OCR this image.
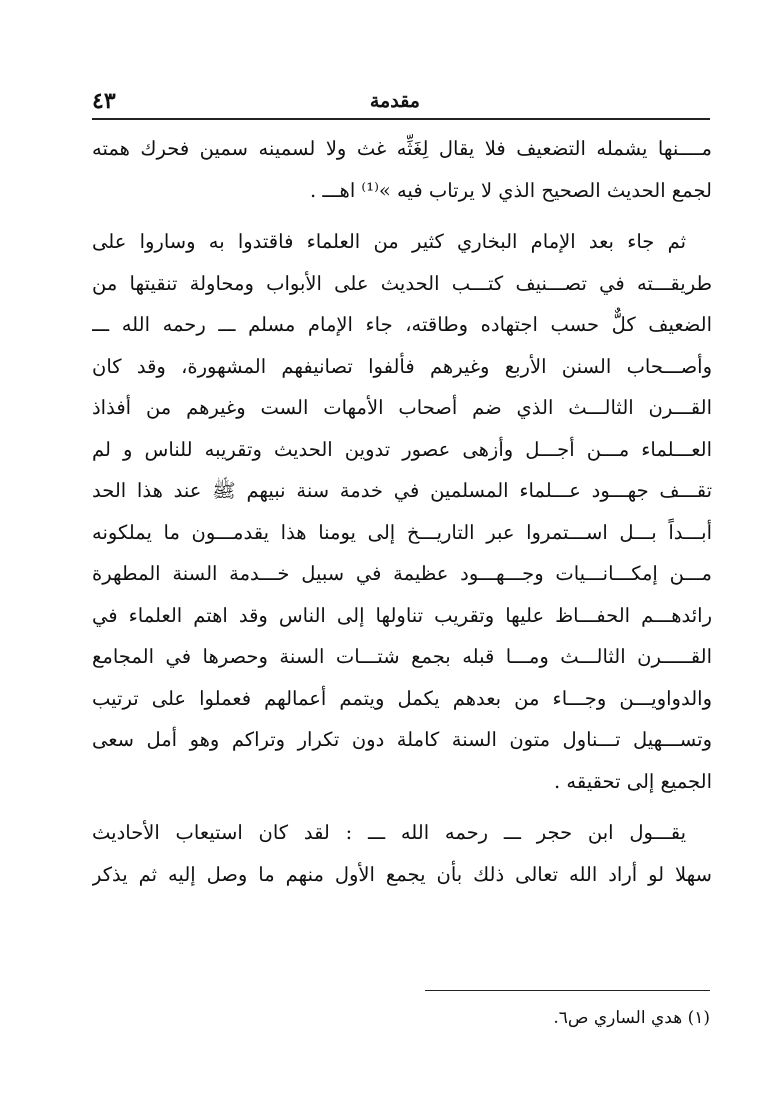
مقدمة
٤٣
مــــنها يشمله التضعيف فلا يقال لِغَثِّه غث ولا لسمينه سمين فحرك همته
لجمع الحديث الصحيح الذي لا يرتاب فيه »⁽¹⁾ اهـــ .
ثم جاء بعد الإمام البخاري كثير من العلماء فاقتدوا به وساروا على
طريقـــته في تصـــنيف كتـــب الحديث على الأبواب ومحاولة تنقيتها من
الضعيف كلٌّ حسب اجتهاده وطاقته، جاء الإمام مسلم ـــ رحمه الله ـــ
وأصـــحاب السنن الأربع وغيرهم فألفوا تصانيفهم المشهورة، وقد كان
القـــرن الثالـــث الذي ضم أصحاب الأمهات الست وغيرهم من أفذاذ
العـــلماء مـــن أجـــل وأزهى عصور تدوين الحديث وتقريبه للناس و لم
تقـــف جهـــود عـــلماء المسلمين في خدمة سنة نبيهم ﷺ عند هذا الحد
أبـــداً بـــل اســـتمروا عبر التاريـــخ إلى يومنا هذا يقدمـــون ما يملكونه
مـــن إمكـــانـــيات وجـــهـــود عظيمة في سبيل خـــدمة السنة المطهرة
رائدهـــم الحفـــاظ عليها وتقريب تناولها إلى الناس وقد اهتم العلماء في
القـــــرن الثالـــث ومـــا قبله بجمع شتـــات السنة وحصرها في المجامع
والدواويـــن وجـــاء من بعدهم يكمل ويتمم أعمالهم فعملوا على ترتيب
وتســـهيل تـــناول متون السنة كاملة دون تكرار وتراكم وهو أمل سعى
الجميع إلى تحقيقه .
يقـــول ابن حجر ـــ رحمه الله ـــ : لقد كان استيعاب الأحاديث
سهلا لو أراد الله تعالى ذلك بأن يجمع الأول منهم ما وصل إليه ثم يذكر
(١) هدي الساري ص٦.
